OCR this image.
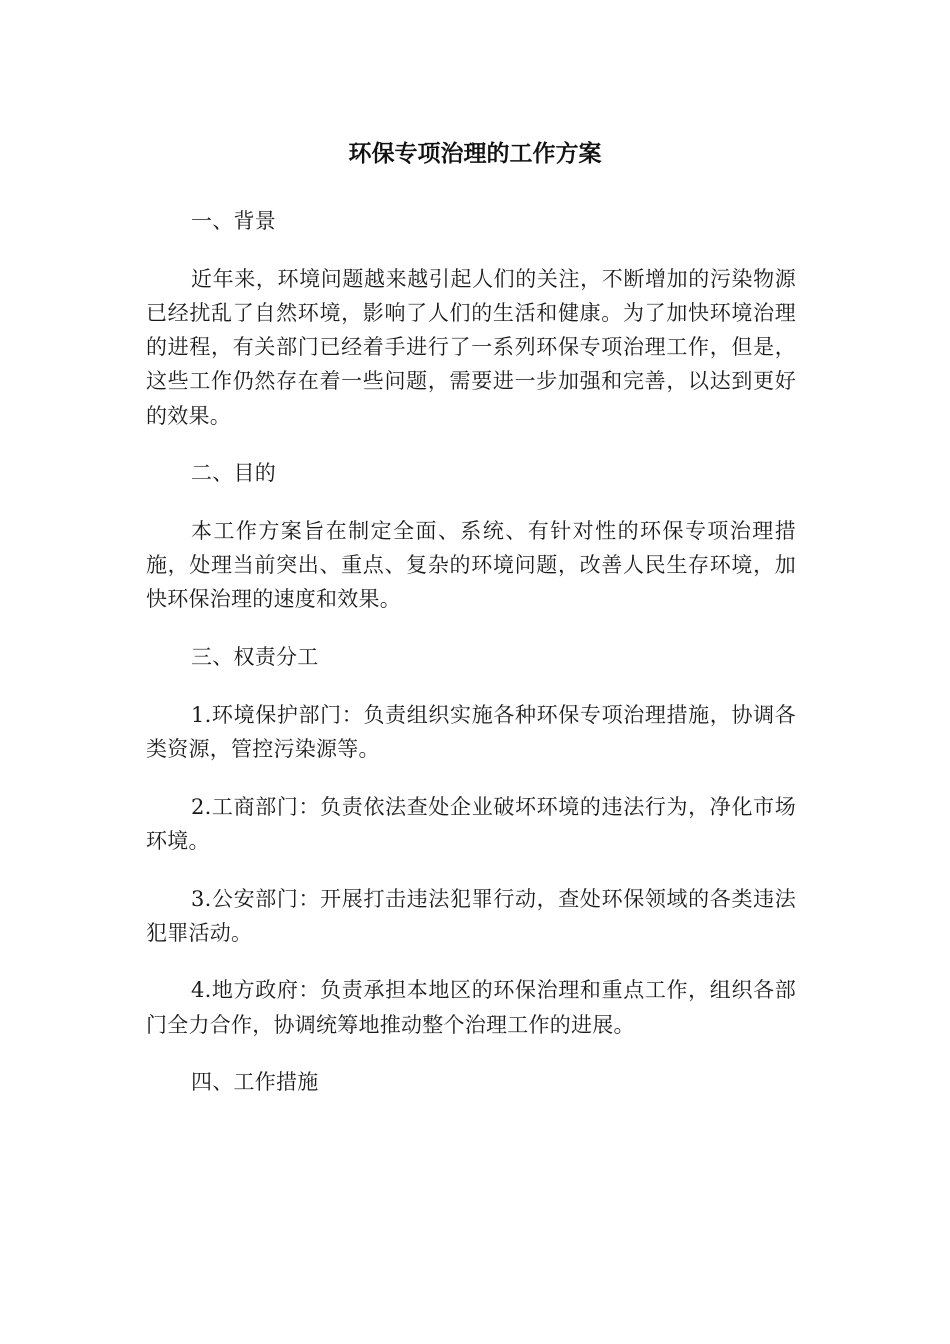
环保专项治理的工作方案

一、背景

近年来，环境问题越来越引起人们的关注，不断增加的污染物源已经扰乱了自然环境，影响了人们的生活和健康。为了加快环境治理的进程，有关部门已经着手进行了一系列环保专项治理工作，但是，这些工作仍然存在着一些问题，需要进一步加强和完善，以达到更好的效果。

二、目的

本工作方案旨在制定全面、系统、有针对性的环保专项治理措施，处理当前突出、重点、复杂的环境问题，改善人民生存环境，加快环保治理的速度和效果。

三、权责分工

1.环境保护部门：负责组织实施各种环保专项治理措施，协调各类资源，管控污染源等。

2.工商部门：负责依法查处企业破坏环境的违法行为，净化市场环境。

3.公安部门：开展打击违法犯罪行动，查处环保领域的各类违法犯罪活动。

4.地方政府：负责承担本地区的环保治理和重点工作，组织各部门全力合作，协调统筹地推动整个治理工作的进展。

四、工作措施
